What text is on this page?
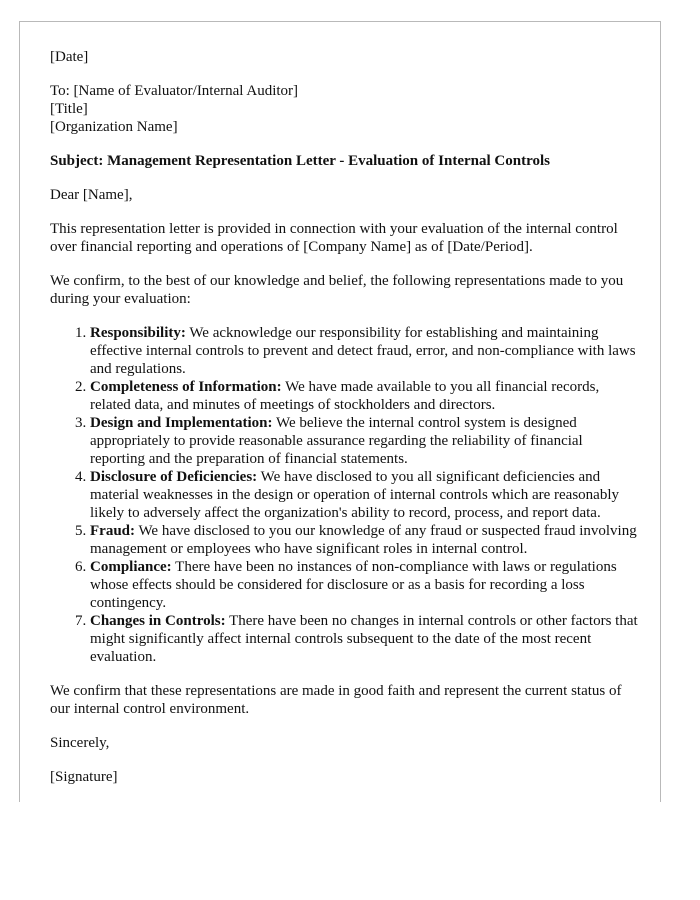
[Date]

To: [Name of Evaluator/Internal Auditor]

[Title]

[Organization Name]

Subject: Management Representation Letter - Evaluation of Internal Controls

Dear [Name],

This representation letter is provided in connection with your evaluation of the internal control over financial reporting and operations of [Company Name] as of [Date/Period].

We confirm, to the best of our knowledge and belief, the following representations made to you during your evaluation:

1. Responsibility: We acknowledge our responsibility for establishing and maintaining effective internal controls to prevent and detect fraud, error, and non-compliance with laws and regulations.
2. Completeness of Information: We have made available to you all financial records, related data, and minutes of meetings of stockholders and directors.
3. Design and Implementation: We believe the internal control system is designed appropriately to provide reasonable assurance regarding the reliability of financial reporting and the preparation of financial statements.
4. Disclosure of Deficiencies: We have disclosed to you all significant deficiencies and material weaknesses in the design or operation of internal controls which are reasonably likely to adversely affect the organization's ability to record, process, and report data.
5. Fraud: We have disclosed to you our knowledge of any fraud or suspected fraud involving management or employees who have significant roles in internal control.
6. Compliance: There have been no instances of non-compliance with laws or regulations whose effects should be considered for disclosure or as a basis for recording a loss contingency.
7. Changes in Controls: There have been no changes in internal controls or other factors that might significantly affect internal controls subsequent to the date of the most recent evaluation.

We confirm that these representations are made in good faith and represent the current status of our internal control environment.

Sincerely,

[Signature]
